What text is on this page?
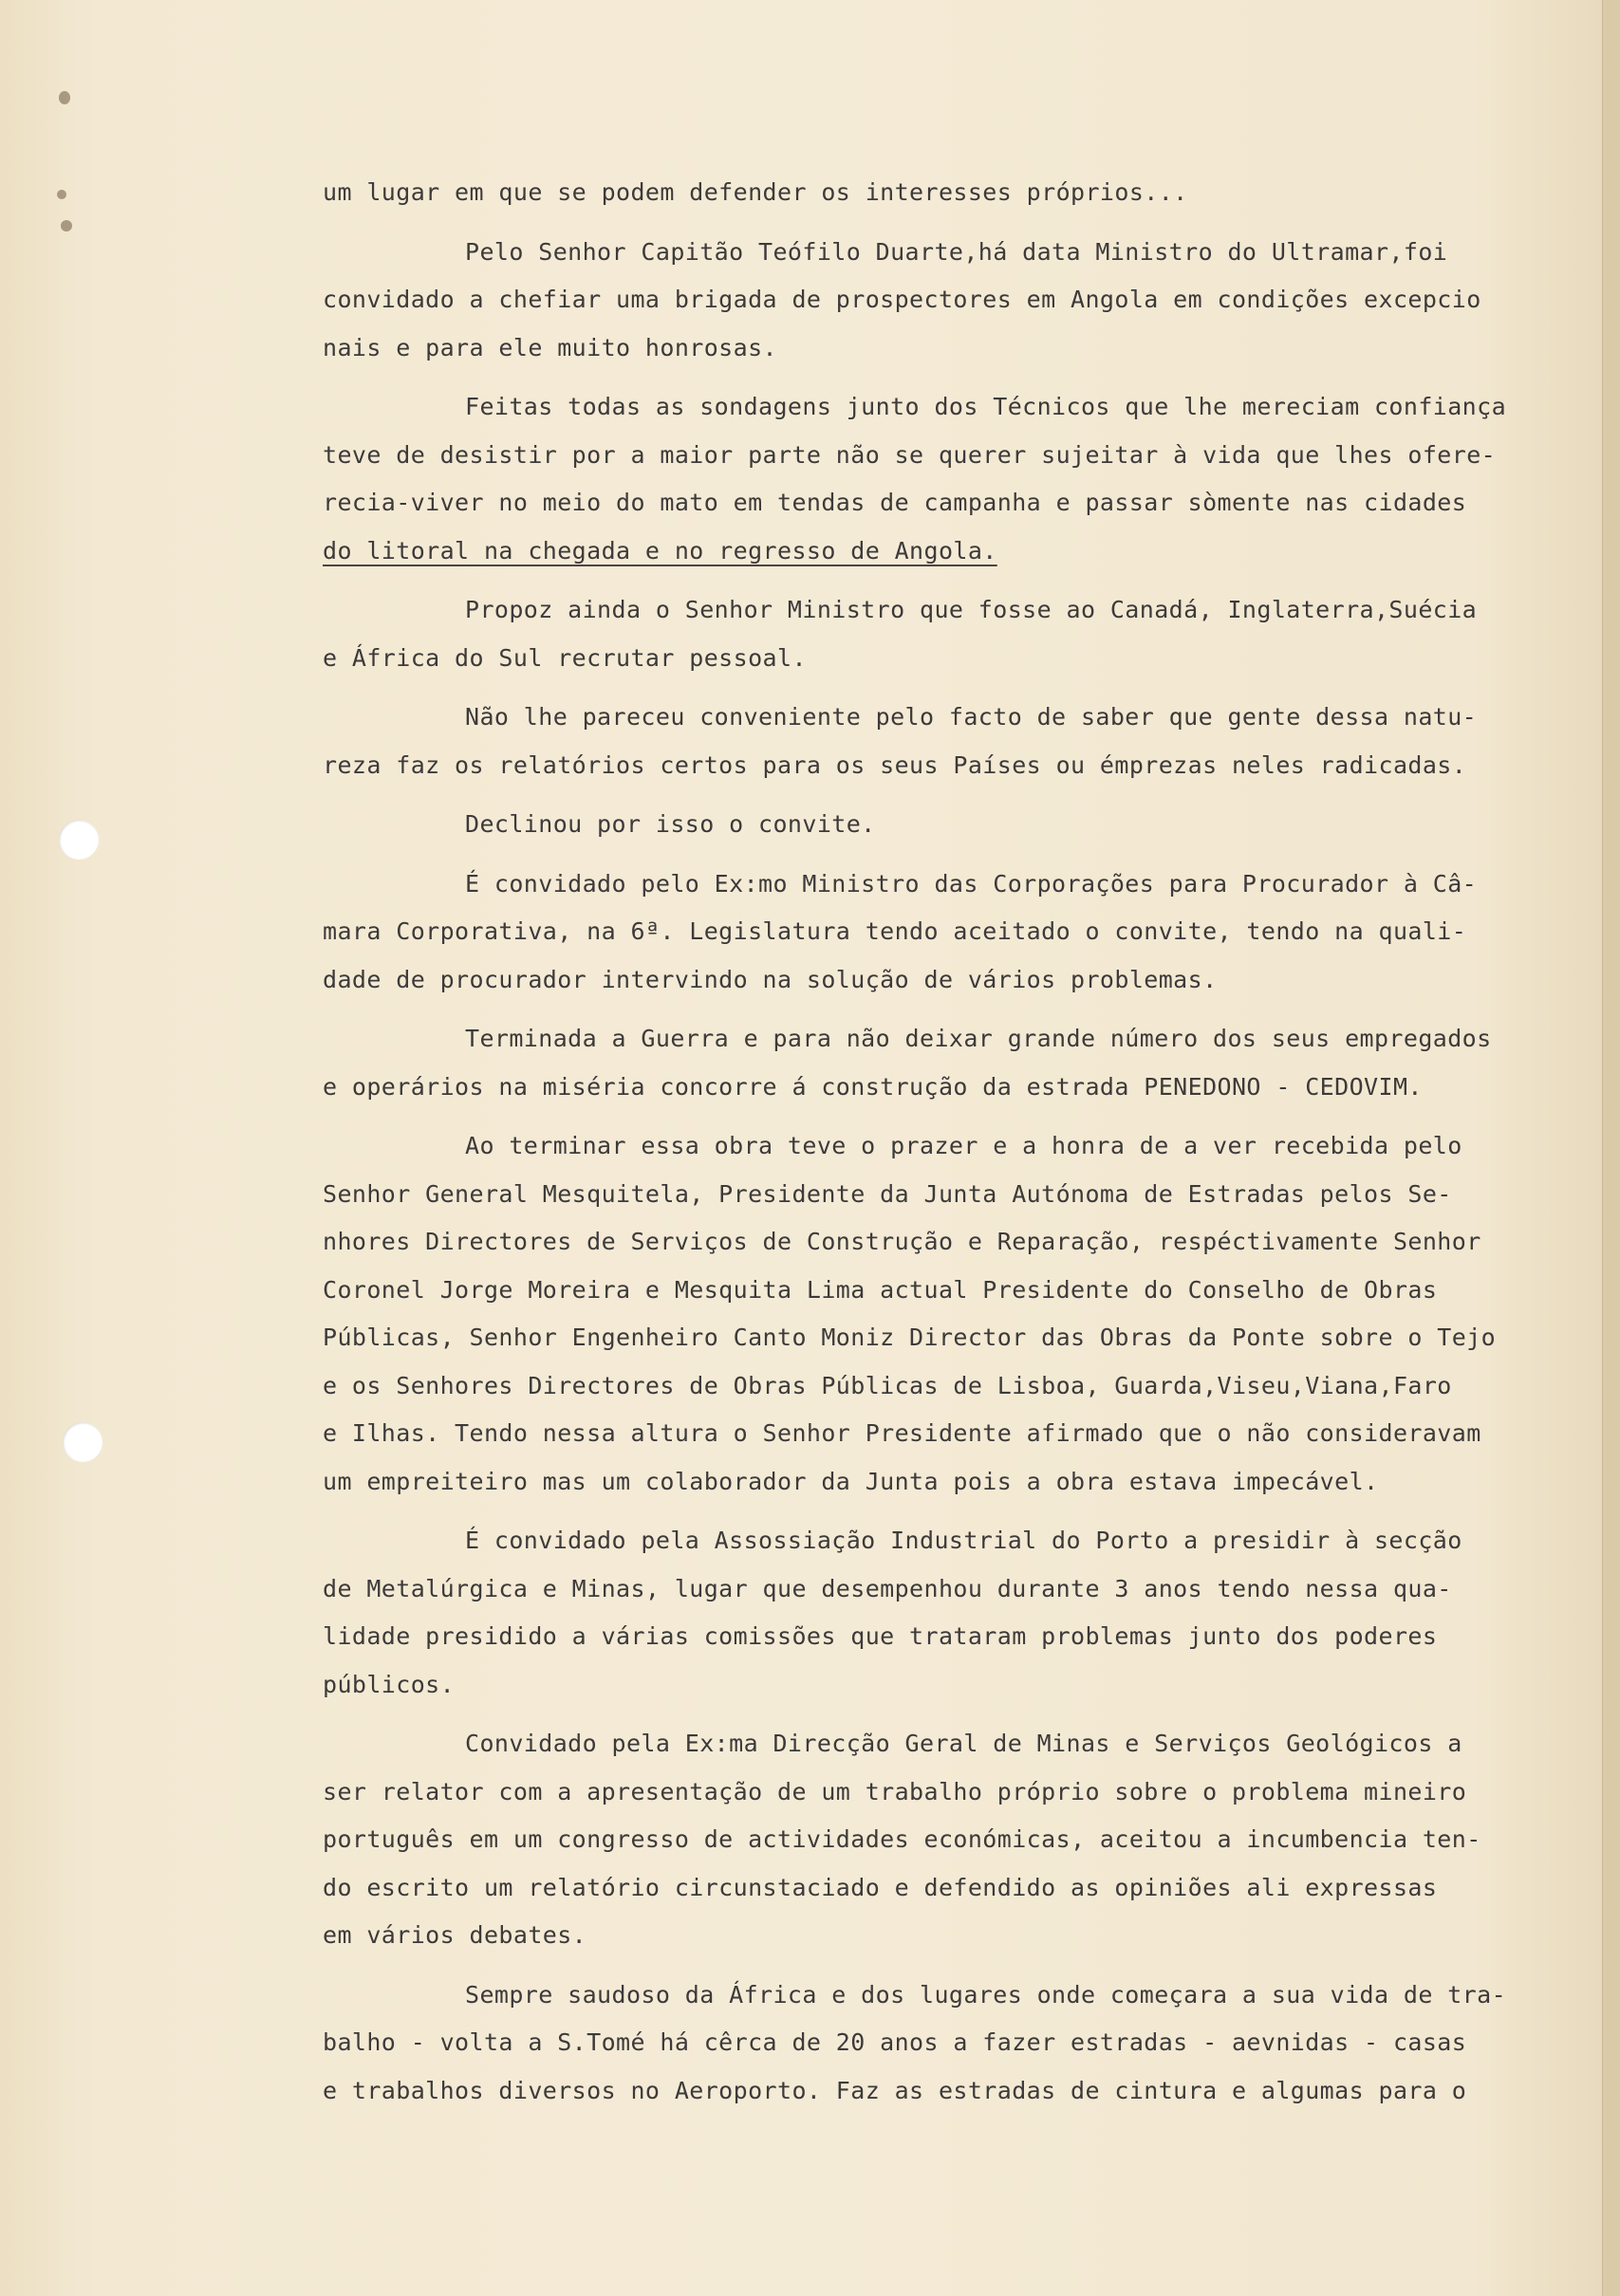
um lugar em que se podem defender os interesses próprios...
Pelo Senhor Capitão Teófilo Duarte,há data Ministro do Ultramar,foi
convidado a chefiar uma brigada de prospectores em Angola em condições excepcio
nais e para ele muito honrosas.
Feitas todas as sondagens junto dos Técnicos que lhe mereciam confiança
teve de desistir por a maior parte não se querer sujeitar à vida que lhes ofere-
recia-viver no meio do mato em tendas de campanha e passar sòmente nas cidades
do litoral na chegada e no regresso de Angola.
Propoz ainda o Senhor Ministro que fosse ao Canadá, Inglaterra,Suécia
e África do Sul recrutar pessoal.
Não lhe pareceu conveniente pelo facto de saber que gente dessa natu-
reza faz os relatórios certos para os seus Países ou émprezas neles radicadas.
Declinou por isso o convite.
É convidado pelo Ex:mo Ministro das Corporações para Procurador à Câ-
mara Corporativa, na 6ª. Legislatura tendo aceitado o convite, tendo na quali-
dade de procurador intervindo na solução de vários problemas.
Terminada a Guerra e para não deixar grande número dos seus empregados
e operários na miséria concorre á construção da estrada PENEDONO - CEDOVIM.
Ao terminar essa obra teve o prazer e a honra de a ver recebida pelo
Senhor General Mesquitela, Presidente da Junta Autónoma de Estradas pelos Se-
nhores Directores de Serviços de Construção e Reparação, respéctivamente Senhor
Coronel Jorge Moreira e Mesquita Lima actual Presidente do Conselho de Obras
Públicas, Senhor Engenheiro Canto Moniz Director das Obras da Ponte sobre o Tejo
e os Senhores Directores de Obras Públicas de Lisboa, Guarda,Viseu,Viana,Faro
e Ilhas. Tendo nessa altura o Senhor Presidente afirmado que o não consideravam
um empreiteiro mas um colaborador da Junta pois a obra estava impecável.
É convidado pela Assossiação Industrial do Porto a presidir à secção
de Metalúrgica e Minas, lugar que desempenhou durante 3 anos tendo nessa qua-
lidade presidido a várias comissões que trataram problemas junto dos poderes
públicos.
Convidado pela Ex:ma Direcção Geral de Minas e Serviços Geológicos a
ser relator com a apresentação de um trabalho próprio sobre o problema mineiro
português em um congresso de actividades económicas, aceitou a incumbencia ten-
do escrito um relatório circunstaciado e defendido as opiniões ali expressas
em vários debates.
Sempre saudoso da África e dos lugares onde começara a sua vida de tra-
balho - volta a S.Tomé há cêrca de 20 anos a fazer estradas - aevnidas - casas
e trabalhos diversos no Aeroporto. Faz as estradas de cintura e algumas para o
